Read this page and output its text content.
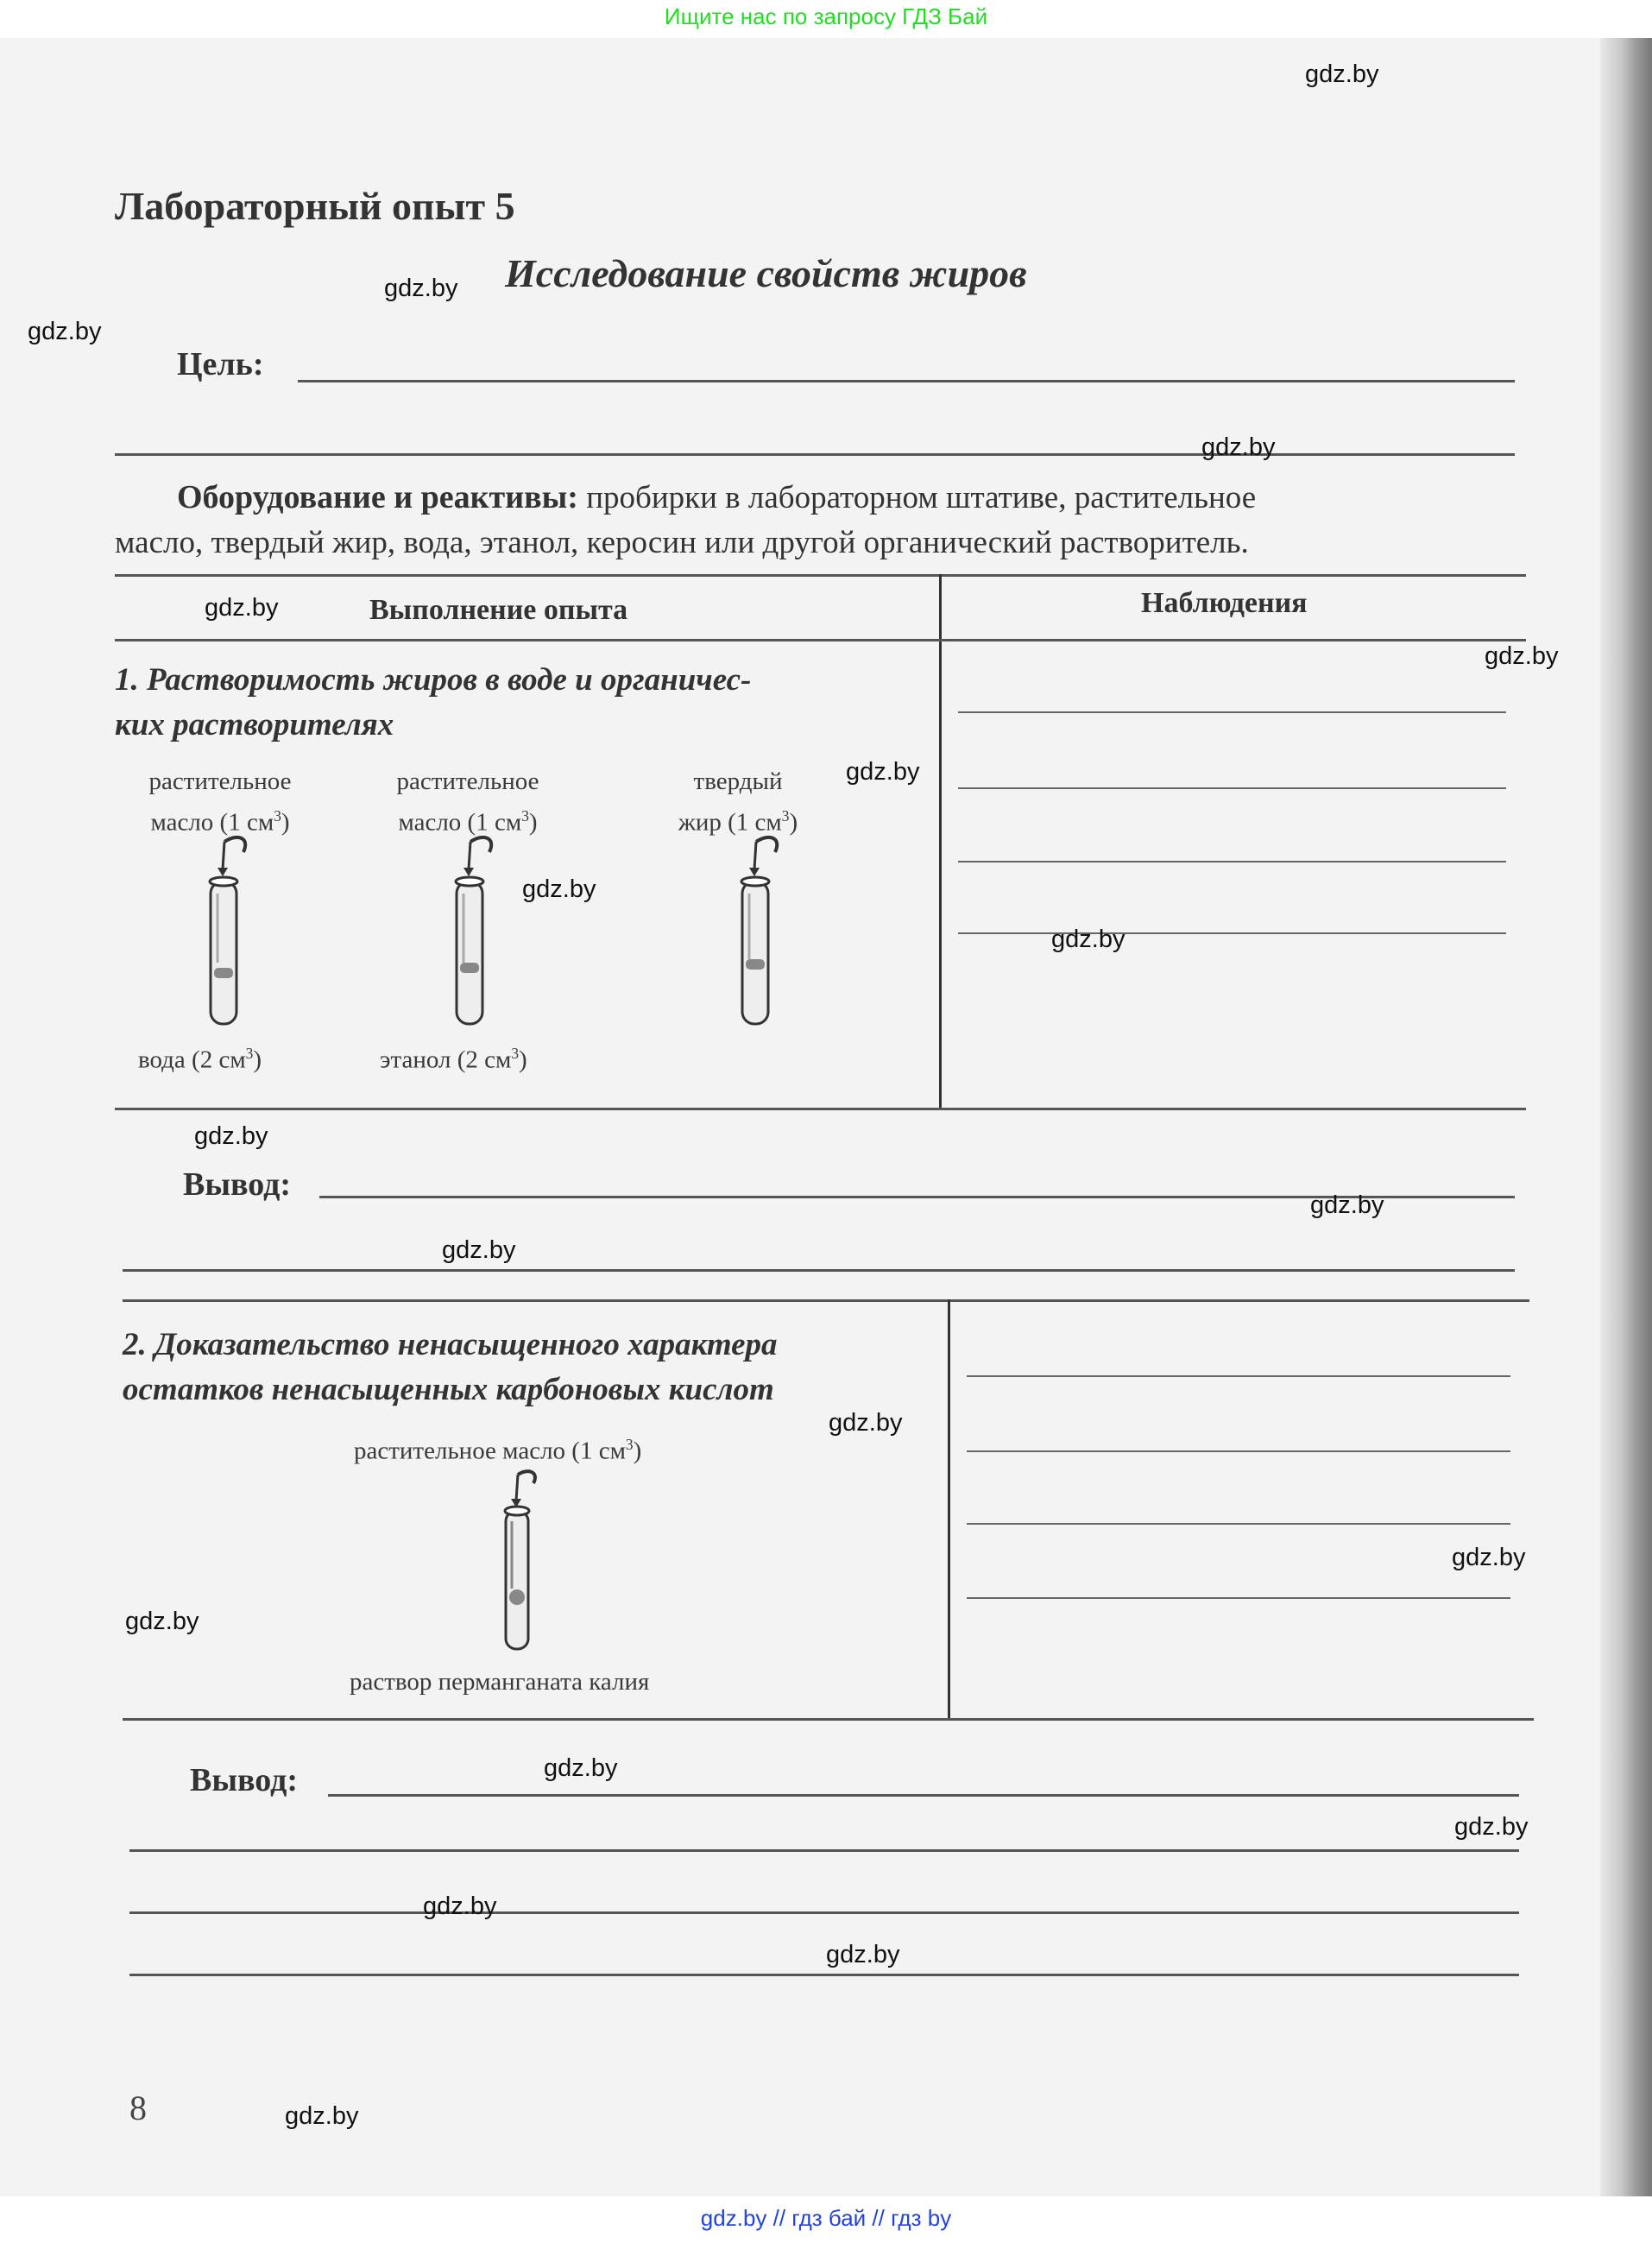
Ищите нас по запросу ГДЗ Бай
Лабораторный опыт 5
Исследование свойств жиров
Цель:
Оборудование и реактивы: пробирки в лабораторном штативе, растительное
масло, твердый жир, вода, этанол, керосин или другой органический растворитель.
Выполнение опыта	Наблюдения
1. Растворимость жиров в воде и органичес-
ких растворителях
растительное
масло (1 $см^3$)
вода (2 $см^3$)
растительное
масло (1 $см^3$)
этанол (2 $см^3$)
твердый
жир (1 $см^3$)
Вывод:
2. Доказательство ненасыщенного характера
остатков ненасыщенных карбоновых кислот
растительное масло (1 $см^3$)
раствор перманганата калия
Вывод:
8
gdz.by
gdz.by
gdz.by
gdz.by
gdz.by
gdz.by
gdz.by
gdz.by
gdz.by
gdz.by
gdz.by
gdz.by
gdz.by
gdz.by
gdz.by
gdz.by
gdz.by
gdz.by
gdz.by
gdz.by
gdz.by // гдз бай // гдз by
